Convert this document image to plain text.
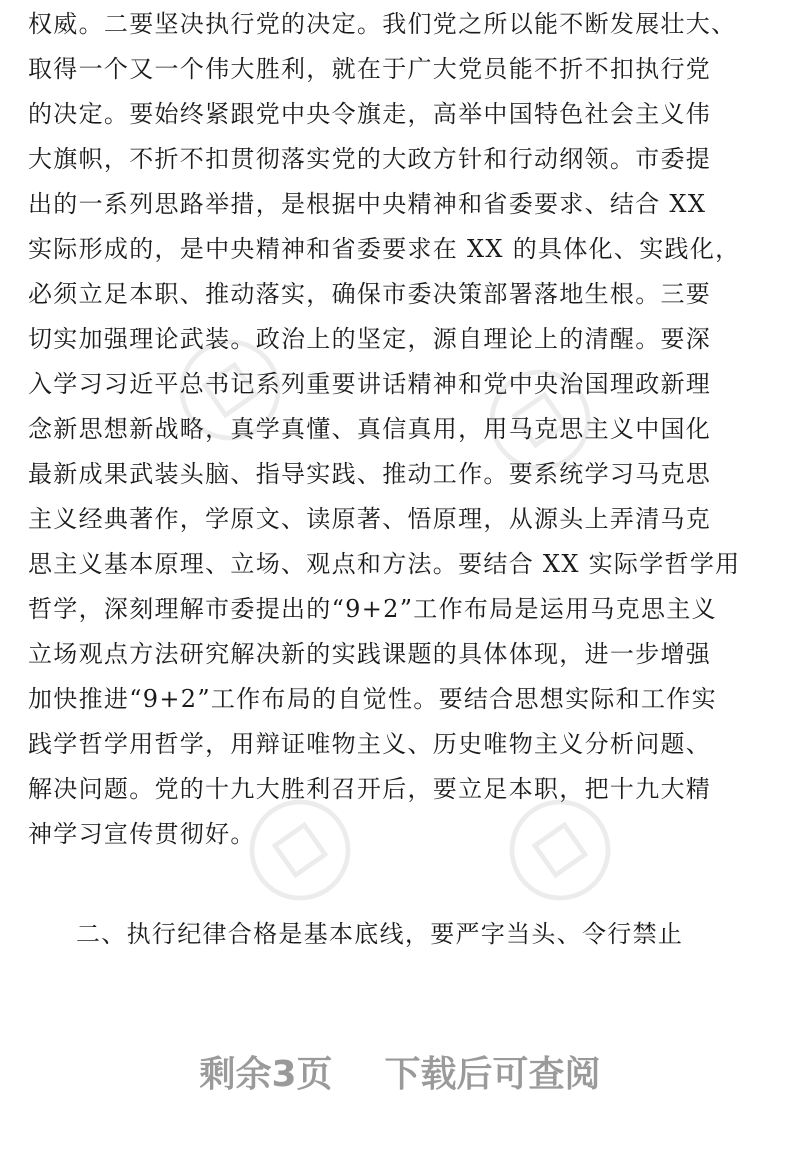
权威。二要坚决执行党的决定。我们党之所以能不断发展壮大、
取得一个又一个伟大胜利，就在于广大党员能不折不扣执行党
的决定。要始终紧跟党中央令旗走，高举中国特色社会主义伟
大旗帜，不折不扣贯彻落实党的大政方针和行动纲领。市委提
出的一系列思路举措，是根据中央精神和省委要求、结合 XX
实际形成的，是中央精神和省委要求在 XX 的具体化、实践化，
必须立足本职、推动落实，确保市委决策部署落地生根。三要
切实加强理论武装。政治上的坚定，源自理论上的清醒。要深
入学习习近平总书记系列重要讲话精神和党中央治国理政新理
念新思想新战略，真学真懂、真信真用，用马克思主义中国化
最新成果武装头脑、指导实践、推动工作。要系统学习马克思
主义经典著作，学原文、读原著、悟原理，从源头上弄清马克
思主义基本原理、立场、观点和方法。要结合 XX 实际学哲学用
哲学，深刻理解市委提出的“9+2”工作布局是运用马克思主义
立场观点方法研究解决新的实践课题的具体体现，进一步增强
加快推进“9+2”工作布局的自觉性。要结合思想实际和工作实
践学哲学用哲学，用辩证唯物主义、历史唯物主义分析问题、
解决问题。党的十九大胜利召开后，要立足本职，把十九大精
神学习宣传贯彻好。
二、执行纪律合格是基本底线，要严字当头、令行禁止
剩余3页 下载后可查阅
